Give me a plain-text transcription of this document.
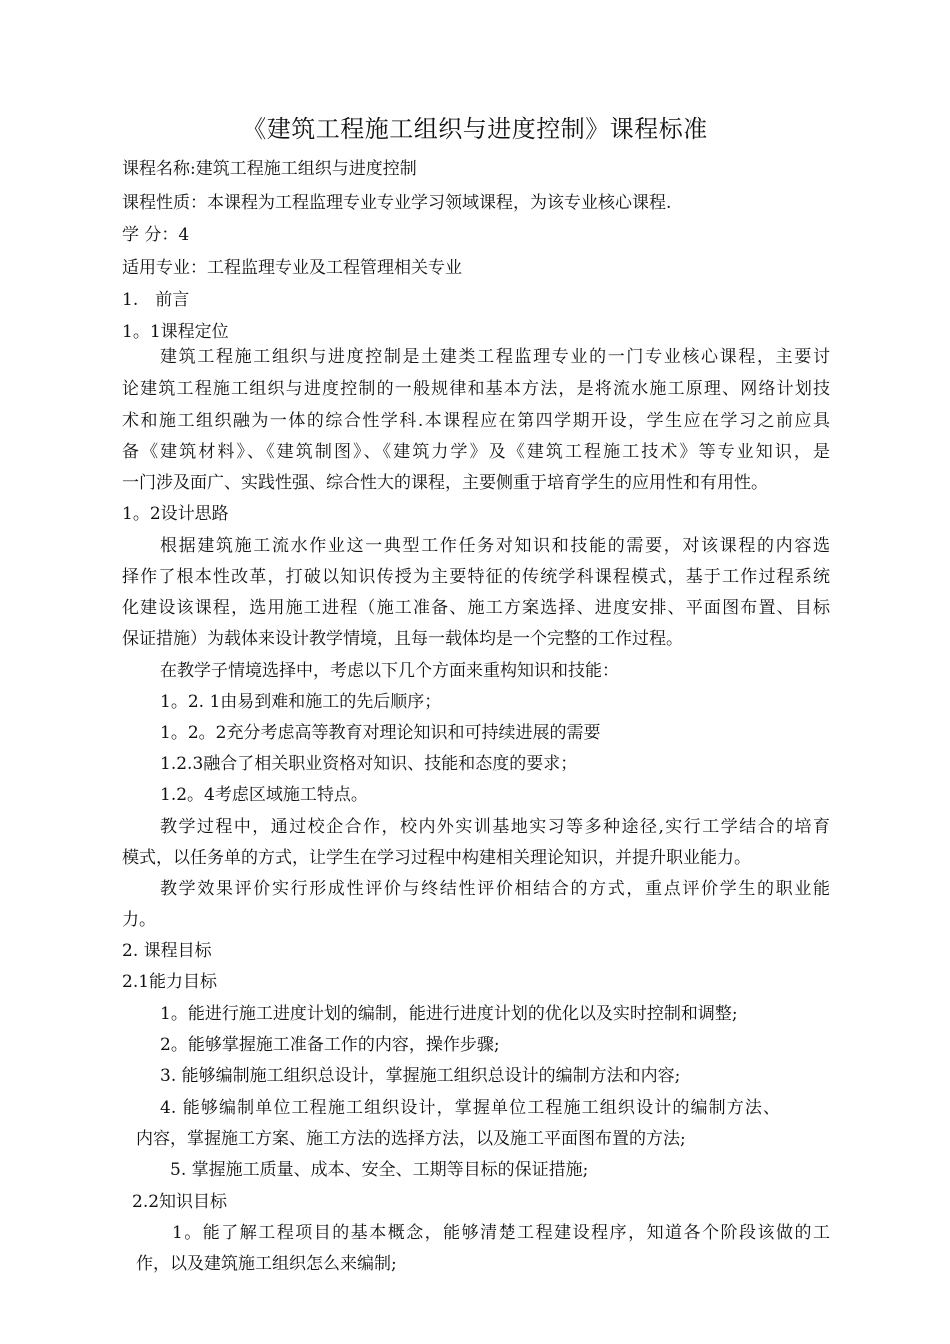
《建筑工程施工组织与进度控制》课程标准
课程名称:建筑工程施工组织与进度控制
课程性质：本课程为工程监理专业专业学习领域课程，为该专业核心课程.
学 分：4
适用专业：工程监理专业及工程管理相关专业
1.　前言
1。1课程定位
建筑工程施工组织与进度控制是土建类工程监理专业的一门专业核心课程，主要讨
论建筑工程施工组织与进度控制的一般规律和基本方法，是将流水施工原理、网络计划技
术和施工组织融为一体的综合性学科.本课程应在第四学期开设，学生应在学习之前应具
备《建筑材料》、《建筑制图》、《建筑力学》及《建筑工程施工技术》等专业知识，是
一门涉及面广、实践性强、综合性大的课程，主要侧重于培育学生的应用性和有用性。
1。2设计思路
根据建筑施工流水作业这一典型工作任务对知识和技能的需要，对该课程的内容选
择作了根本性改革，打破以知识传授为主要特征的传统学科课程模式，基于工作过程系统
化建设该课程，选用施工进程（施工准备、施工方案选择、进度安排、平面图布置、目标
保证措施）为载体来设计教学情境，且每一载体均是一个完整的工作过程。
在教学子情境选择中，考虑以下几个方面来重构知识和技能：
1。2. 1由易到难和施工的先后顺序；
1。2。2充分考虑高等教育对理论知识和可持续进展的需要
1.2.3融合了相关职业资格对知识、技能和态度的要求；
1.2。4考虑区域施工特点。
教学过程中，通过校企合作，校内外实训基地实习等多种途径,实行工学结合的培育
模式，以任务单的方式，让学生在学习过程中构建相关理论知识，并提升职业能力。
教学效果评价实行形成性评价与终结性评价相结合的方式，重点评价学生的职业能
力。
2. 课程目标
2.1能力目标
1。能进行施工进度计划的编制，能进行进度计划的优化以及实时控制和调整;
2。能够掌握施工准备工作的内容，操作步骤;
3. 能够编制施工组织总设计，掌握施工组织总设计的编制方法和内容;
4. 能够编制单位工程施工组织设计，掌握单位工程施工组织设计的编制方法、
内容，掌握施工方案、施工方法的选择方法，以及施工平面图布置的方法;
5. 掌握施工质量、成本、安全、工期等目标的保证措施;
2.2知识目标
1。能了解工程项目的基本概念，能够清楚工程建设程序，知道各个阶段该做的工
作，以及建筑施工组织怎么来编制;
